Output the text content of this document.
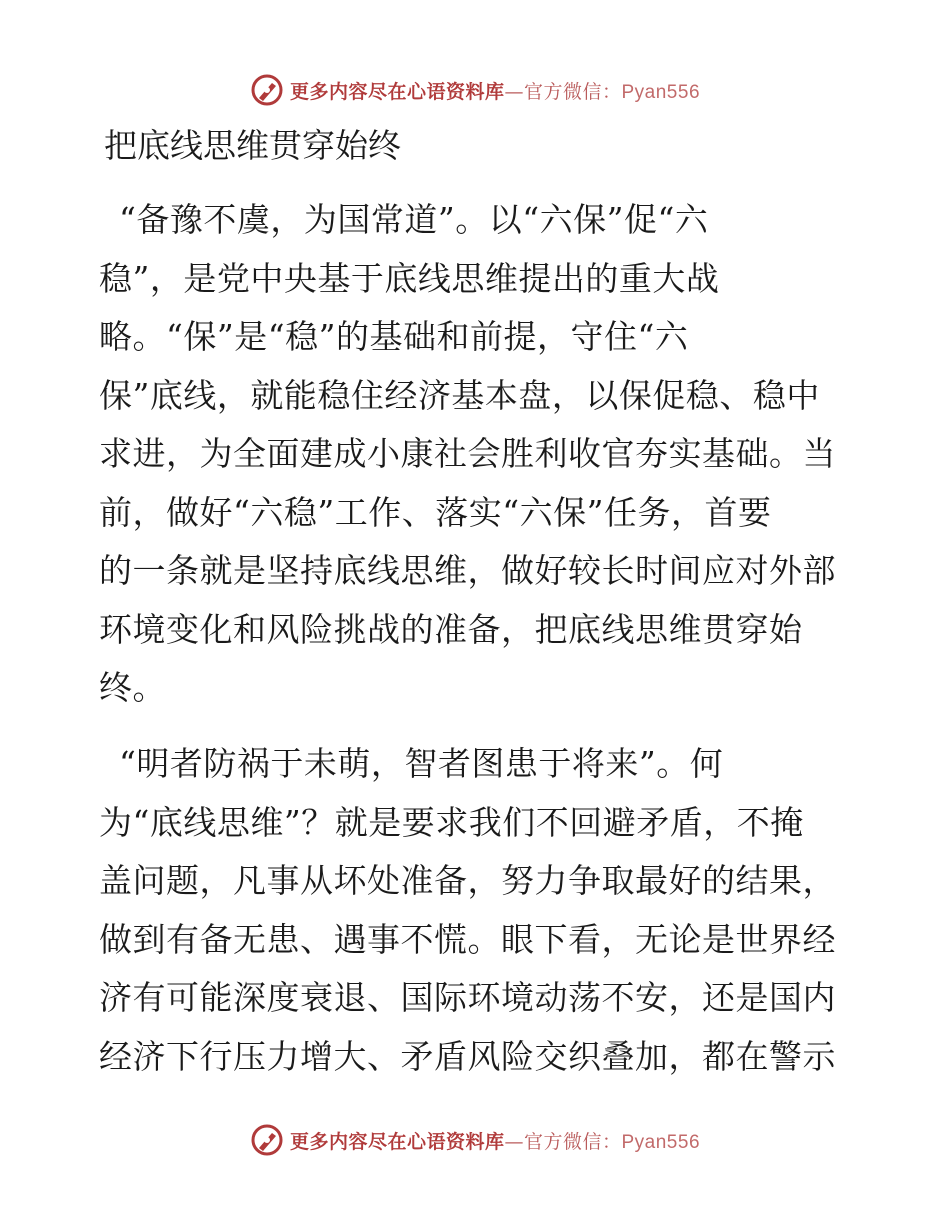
更多内容尽在心语资料库—官方微信：Pyan556
把底线思维贯穿始终
“备豫不虞，为国常道”。以“六保”促“六
稳”，是党中央基于底线思维提出的重大战
略。“保”是“稳”的基础和前提，守住“六
保”底线，就能稳住经济基本盘，以保促稳、稳中
求进，为全面建成小康社会胜利收官夯实基础。当
前，做好“六稳”工作、落实“六保”任务，首要
的一条就是坚持底线思维，做好较长时间应对外部
环境变化和风险挑战的准备，把底线思维贯穿始
终。
“明者防祸于未萌，智者图患于将来”。何
为“底线思维”？就是要求我们不回避矛盾，不掩
盖问题，凡事从坏处准备，努力争取最好的结果，
做到有备无患、遇事不慌。眼下看，无论是世界经
济有可能深度衰退、国际环境动荡不安，还是国内
经济下行压力增大、矛盾风险交织叠加，都在警示
更多内容尽在心语资料库—官方微信：Pyan556
